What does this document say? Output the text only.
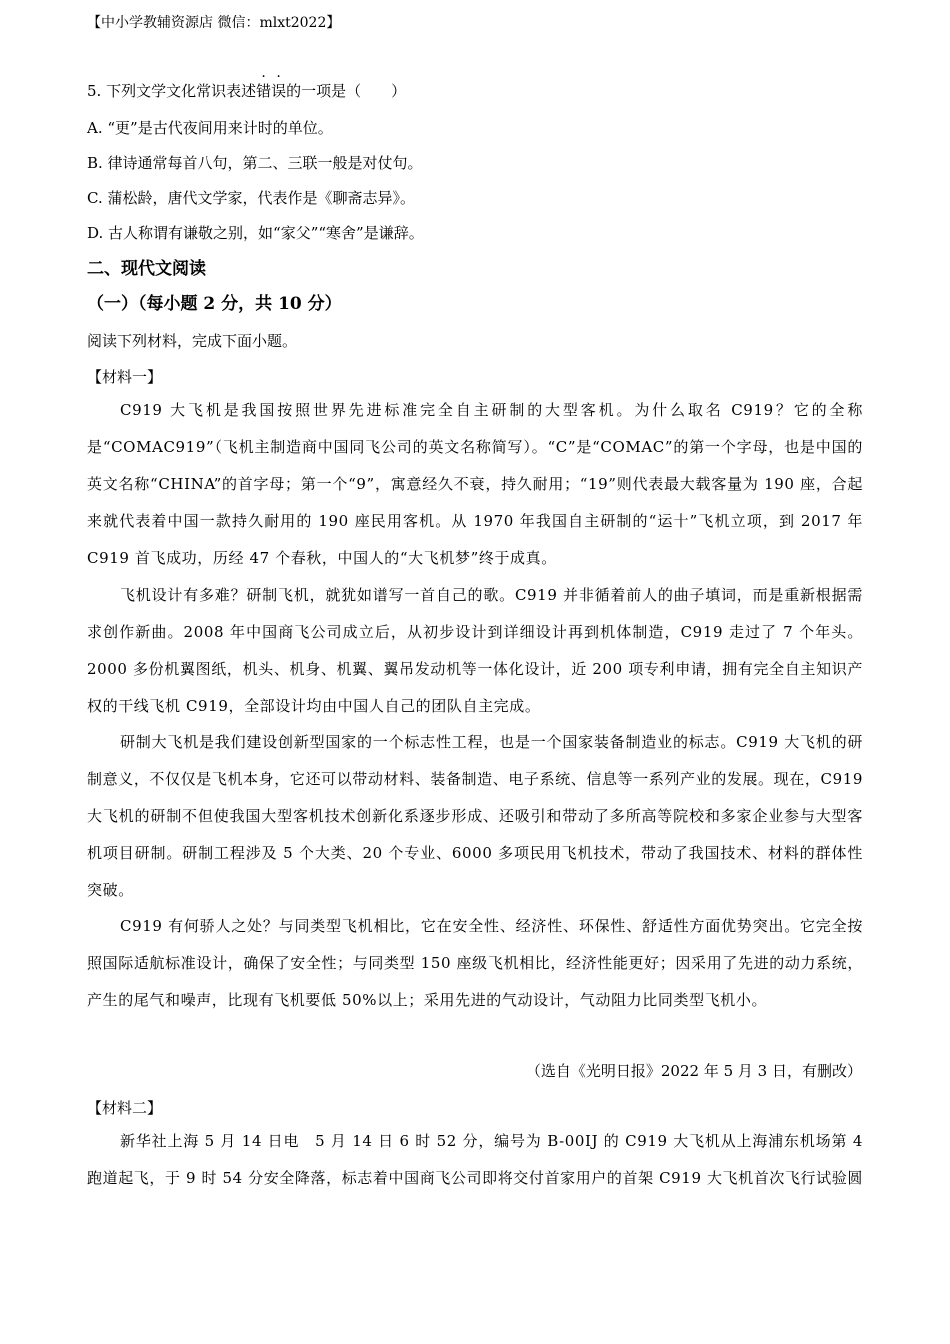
【中小学教辅资源店 微信：mlxt2022】
5. 下列文学文化常识表述错误的一项是（　　）
A. “更”是古代夜间用来计时的单位。
B. 律诗通常每首八句，第二、三联一般是对仗句。
C. 蒲松龄，唐代文学家，代表作是《聊斋志异》。
D. 古人称谓有谦敬之别，如“家父”“寒舍”是谦辞。
二、现代文阅读
（一）（每小题 2 分，共 10 分）
阅读下列材料，完成下面小题。
【材料一】
C919 大飞机是我国按照世界先进标准完全自主研制的大型客机。为什么取名 C919？它的全称是“COMAC919”（飞机主制造商中国同飞公司的英文名称简写）。“C”是“COMAC”的第一个字母，也是中国的英文名称“CHINA”的首字母；第一个“9”，寓意经久不衰，持久耐用；“19”则代表最大载客量为 190 座，合起来就代表着中国一款持久耐用的 190 座民用客机。从 1970 年我国自主研制的“运十”飞机立项，到 2017 年 C919 首飞成功，历经 47 个春秋，中国人的“大飞机梦”终于成真。
飞机设计有多难？研制飞机，就犹如谱写一首自己的歌。C919 并非循着前人的曲子填词，而是重新根据需求创作新曲。2008 年中国商飞公司成立后，从初步设计到详细设计再到机体制造，C919 走过了 7 个年头。2000 多份机翼图纸，机头、机身、机翼、翼吊发动机等一体化设计，近 200 项专利申请，拥有完全自主知识产权的干线飞机 C919，全部设计均由中国人自己的团队自主完成。
研制大飞机是我们建设创新型国家的一个标志性工程，也是一个国家装备制造业的标志。C919 大飞机的研制意义，不仅仅是飞机本身，它还可以带动材料、装备制造、电子系统、信息等一系列产业的发展。现在，C919 大飞机的研制不但使我国大型客机技术创新化系逐步形成、还吸引和带动了多所高等院校和多家企业参与大型客机项目研制。研制工程涉及 5 个大类、20 个专业、6000 多项民用飞机技术，带动了我国技术、材料的群体性突破。
C919 有何骄人之处？与同类型飞机相比，它在安全性、经济性、环保性、舒适性方面优势突出。它完全按照国际适航标准设计，确保了安全性；与同类型 150 座级飞机相比，经济性能更好；因采用了先进的动力系统，产生的尾气和噪声，比现有飞机要低 50%以上；采用先进的气动设计，气动阻力比同类型飞机小。
（选自《光明日报》2022 年 5 月 3 日，有删改）
【材料二】
新华社上海 5 月 14 日电　5 月 14 日 6 时 52 分，编号为 B-00IJ 的 C919 大飞机从上海浦东机场第 4 跑道起飞，于 9 时 54 分安全降落，标志着中国商飞公司即将交付首家用户的首架 C919 大飞机首次飞行试验圆
